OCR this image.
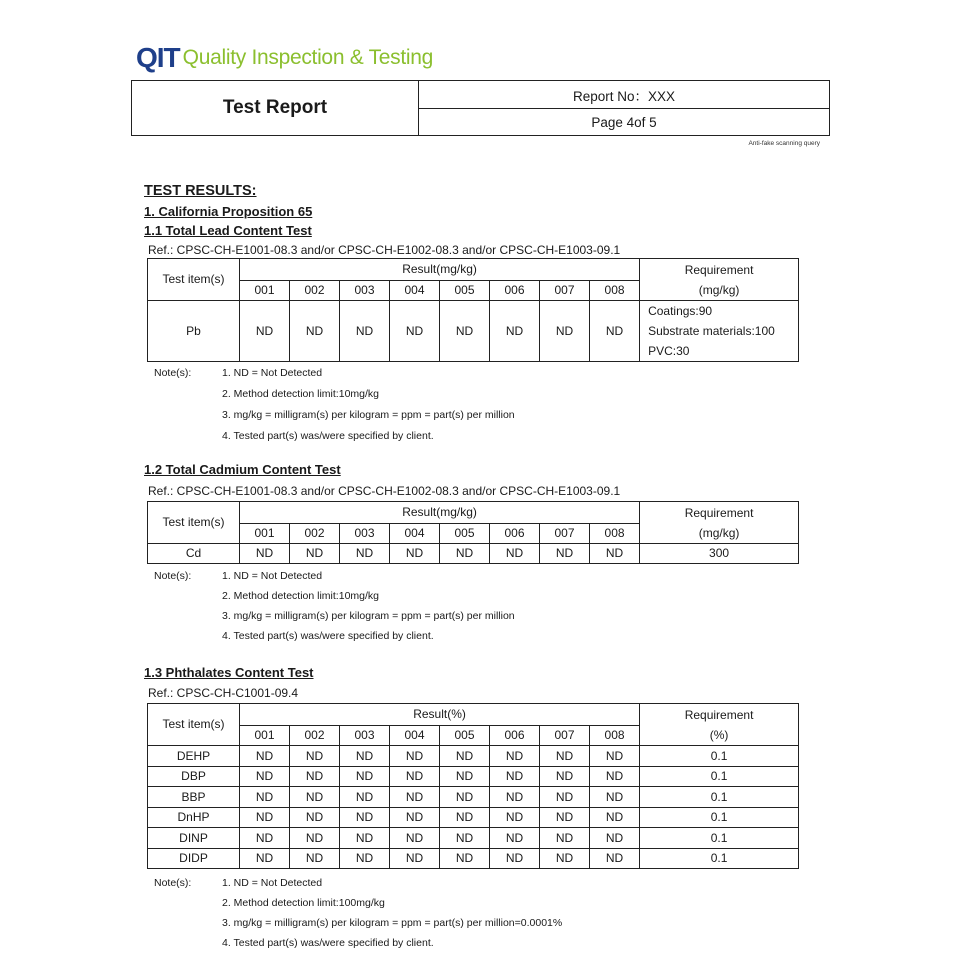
QIT Quality Inspection & Testing
Test Report
Report No：XXX
Page 4of 5
Anti-fake scanning query
TEST RESULTS:
1. California Proposition 65
1.1 Total Lead Content Test
Ref.: CPSC-CH-E1001-08.3 and/or CPSC-CH-E1002-08.3 and/or CPSC-CH-E1003-09.1
Test item(s)	Result(mg/kg)								Requirement
(mg/kg)

	001	002	003	004	005	006	007	008	
Pb	ND	ND	ND	ND	ND	ND	ND	ND	Coatings:90
Substrate materials:100
PVC:30
Note(s):	1. ND = Not Detected
2. Method detection limit:10mg/kg
3. mg/kg = milligram(s) per kilogram = ppm = part(s) per million
4. Tested part(s) was/were specified by client.
1.2 Total Cadmium Content Test
Ref.: CPSC-CH-E1001-08.3 and/or CPSC-CH-E1002-08.3 and/or CPSC-CH-E1003-09.1
Test item(s)	Result(mg/kg)								Requirement
(mg/kg)

	001	002	003	004	005	006	007	008	
Cd	ND	ND	ND	ND	ND	ND	ND	ND	300
Note(s):	1. ND = Not Detected
2. Method detection limit:10mg/kg
3. mg/kg = milligram(s) per kilogram = ppm = part(s) per million
4. Tested part(s) was/were specified by client.
1.3 Phthalates Content Test
Ref.: CPSC-CH-C1001-09.4
Test item(s)	Result(%)								Requirement
(%)

	001	002	003	004	005	006	007	008	
DEHP	ND	ND	ND	ND	ND	ND	ND	ND	0.1
DBP	ND	ND	ND	ND	ND	ND	ND	ND	0.1
BBP	ND	ND	ND	ND	ND	ND	ND	ND	0.1
DnHP	ND	ND	ND	ND	ND	ND	ND	ND	0.1
DINP	ND	ND	ND	ND	ND	ND	ND	ND	0.1
DIDP	ND	ND	ND	ND	ND	ND	ND	ND	0.1
Note(s):	1. ND = Not Detected
2. Method detection limit:100mg/kg
3. mg/kg = milligram(s) per kilogram = ppm = part(s) per million=0.0001%
4. Tested part(s) was/were specified by client.
